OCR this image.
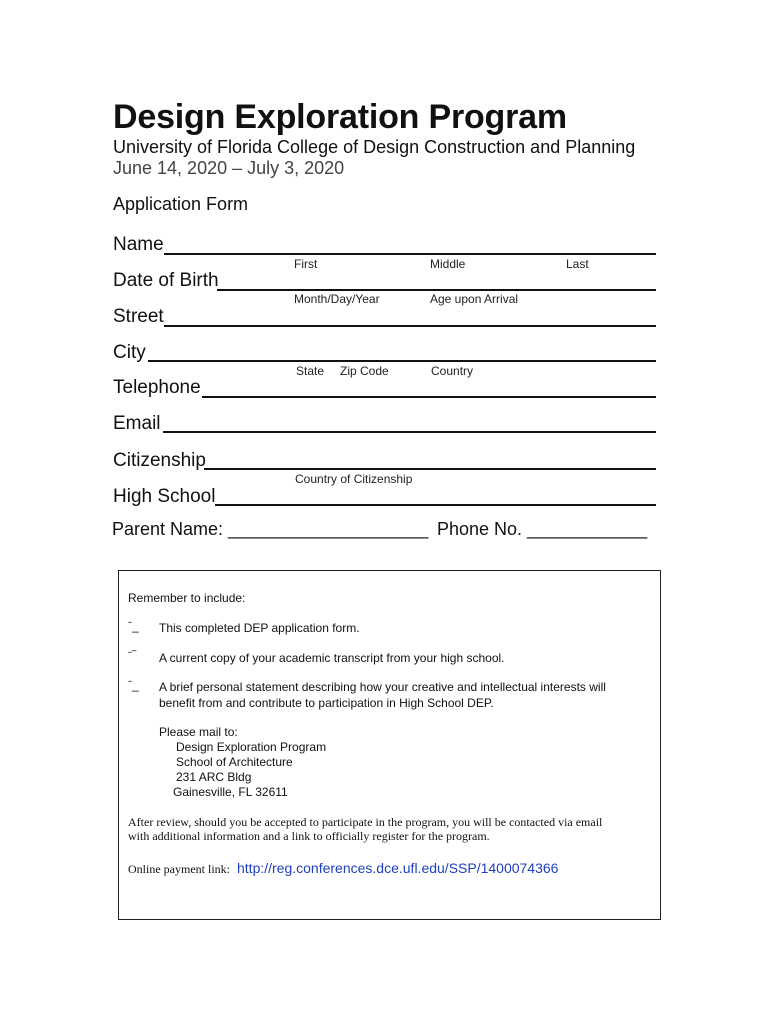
Design Exploration Program
University of Florida College of Design Construction and Planning
June 14, 2020 – July 3, 2020
Application Form
Name
First	Middle	Last
Date of Birth
Month/Day/Year	Age upon Arrival
Street
City
State Zip Code	Country
Telephone
Email
Citizenship
Country of Citizenship
High School
Parent Name: ____________________ Phone No. ____________
Remember to include:
ˉ_ This completed DEP application form.
ˉ‾ A current copy of your academic transcript from your high school.
ˉ_ A brief personal statement describing how your creative and intellectual interests will
benefit from and contribute to participation in High School DEP.
Please mail to:
Design Exploration Program
School of Architecture
231 ARC Bldg
Gainesville, FL 32611
After review, should you be accepted to participate in the program, you will be contacted via email
with additional information and a link to officially register for the program.
Online payment link: http://reg.conferences.dce.ufl.edu/SSP/1400074366
